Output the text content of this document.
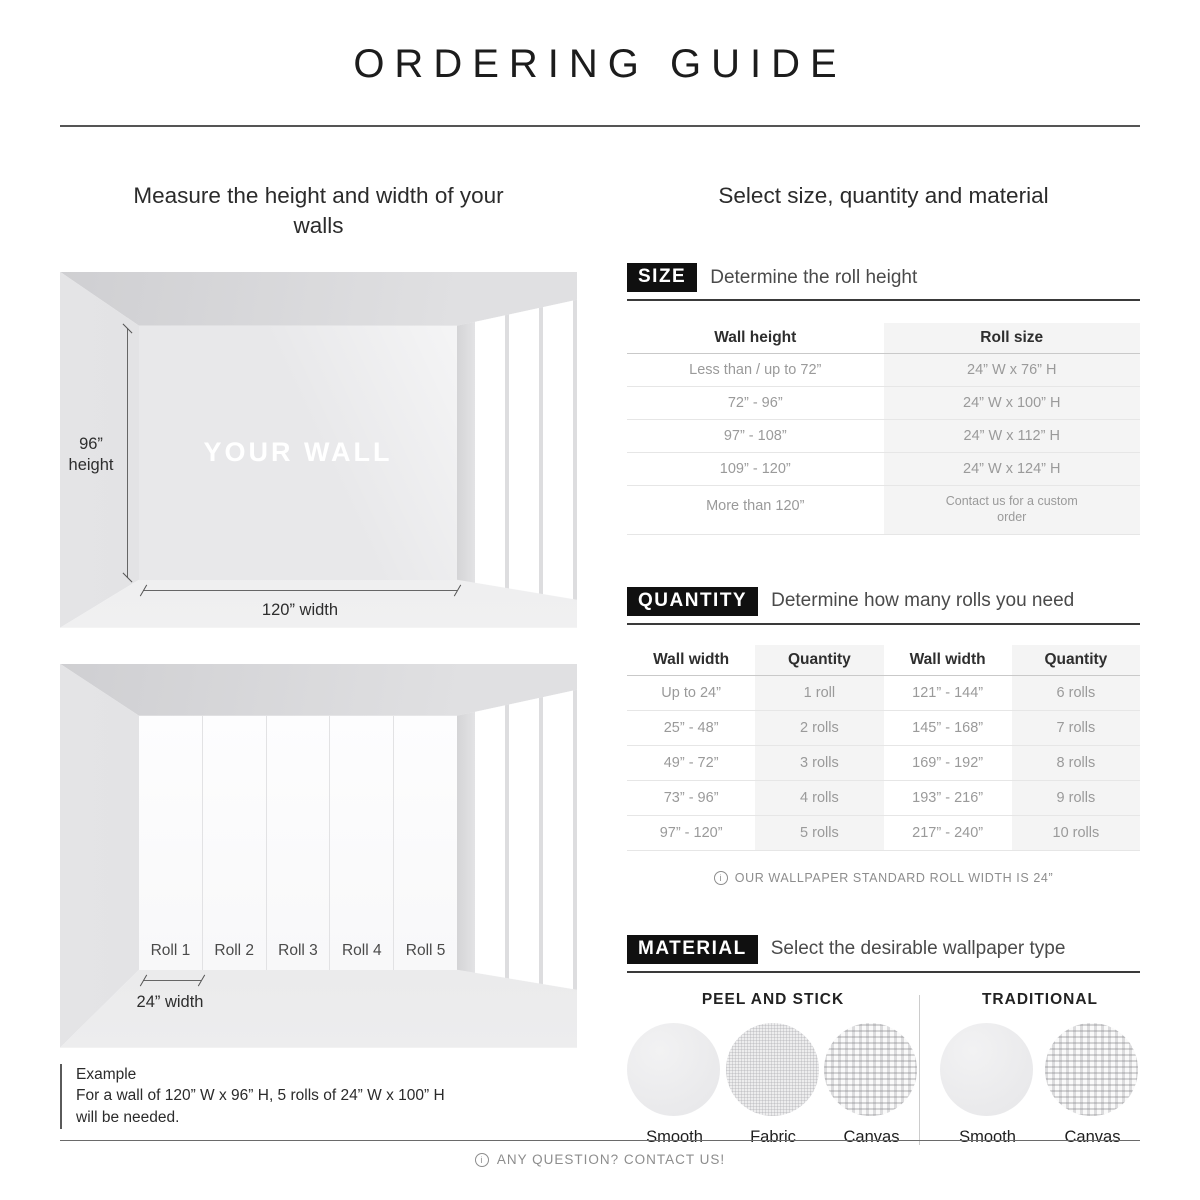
ORDERING GUIDE
Measure the height and width of your walls
YOUR WALL
96”
height
120” width
Roll 1	Roll 2	Roll 3	Roll 4	Roll 5
24” width
Example
For a wall of 120” W x 96” H, 5 rolls of 24” W x 100” H
will be needed.
Select size, quantity and material
SIZE	Determine the roll height
Wall height	Roll size
Less than / up to 72”	24” W x 76” H
72” - 96”	24” W x 100” H
97” - 108”	24” W x 112” H
109” - 120”	24” W x 124” H
More than 120”	Contact us for a custom order
QUANTITY	Determine how many rolls you need
Wall width	Quantity	Wall width	Quantity
Up to 24”	1 roll	121” - 144”	6 rolls
25” - 48”	2 rolls	145” - 168”	7 rolls
49” - 72”	3 rolls	169” - 192”	8 rolls
73” - 96”	4 rolls	193” - 216”	9 rolls
97” - 120”	5 rolls	217” - 240”	10 rolls
i	OUR WALLPAPER STANDARD ROLL WIDTH IS 24”
MATERIAL	Select the desirable wallpaper type
PEEL AND STICK
Smooth	Fabric	Canvas
TRADITIONAL
Smooth	Canvas
i	ANY QUESTION? CONTACT US!
